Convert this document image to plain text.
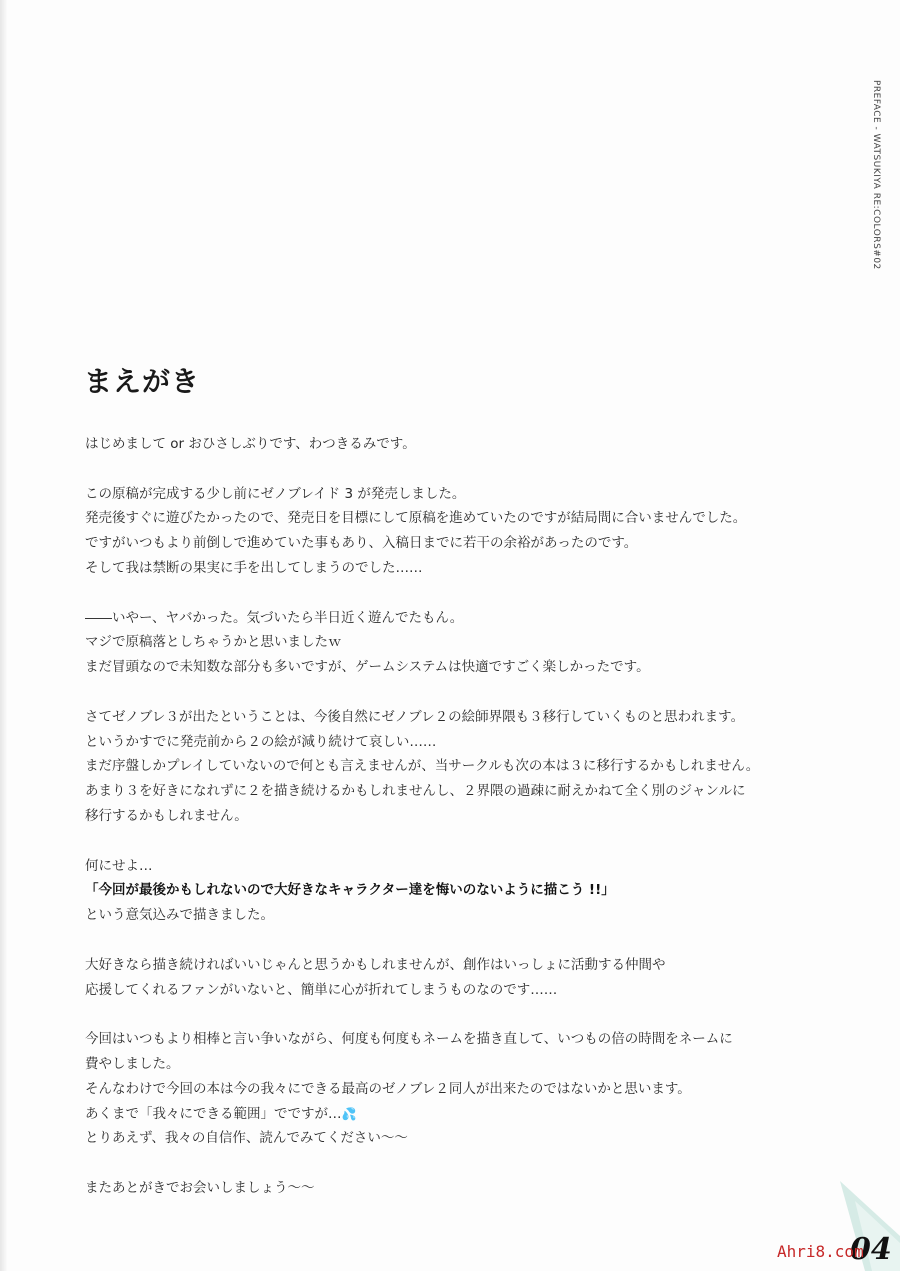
PREFACE - WATSUKIYA RE:COLORS#02
まえがき
はじめまして or おひさしぶりです、わつきるみです。
この原稿が完成する少し前にゼノブレイド 3 が発売しました。
発売後すぐに遊びたかったので、発売日を目標にして原稿を進めていたのですが結局間に合いませんでした。
ですがいつもより前倒しで進めていた事もあり、入稿日までに若干の余裕があったのです。
そして我は禁断の果実に手を出してしまうのでした……
――いやー、ヤバかった。気づいたら半日近く遊んでたもん。
マジで原稿落としちゃうかと思いましたｗ
まだ冒頭なので未知数な部分も多いですが、ゲームシステムは快適ですごく楽しかったです。
さてゼノブレ３が出たということは、今後自然にゼノブレ２の絵師界隈も３移行していくものと思われます。
というかすでに発売前から２の絵が減り続けて哀しい……
まだ序盤しかプレイしていないので何とも言えませんが、当サークルも次の本は３に移行するかもしれません。
あまり３を好きになれずに２を描き続けるかもしれませんし、２界隈の過疎に耐えかねて全く別のジャンルに
移行するかもしれません。
何にせよ…
「今回が最後かもしれないので大好きなキャラクター達を悔いのないように描こう !!」
という意気込みで描きました。
大好きなら描き続ければいいじゃんと思うかもしれませんが、創作はいっしょに活動する仲間や
応援してくれるファンがいないと、簡単に心が折れてしまうものなのです……
今回はいつもより相棒と言い争いながら、何度も何度もネームを描き直して、いつもの倍の時間をネームに
費やしました。
そんなわけで今回の本は今の我々にできる最高のゼノブレ２同人が出来たのではないかと思います。
あくまで「我々にできる範囲」でですが…💦
とりあえず、我々の自信作、読んでみてください〜〜
またあとがきでお会いしましょう〜〜
04
Ahri8.com
